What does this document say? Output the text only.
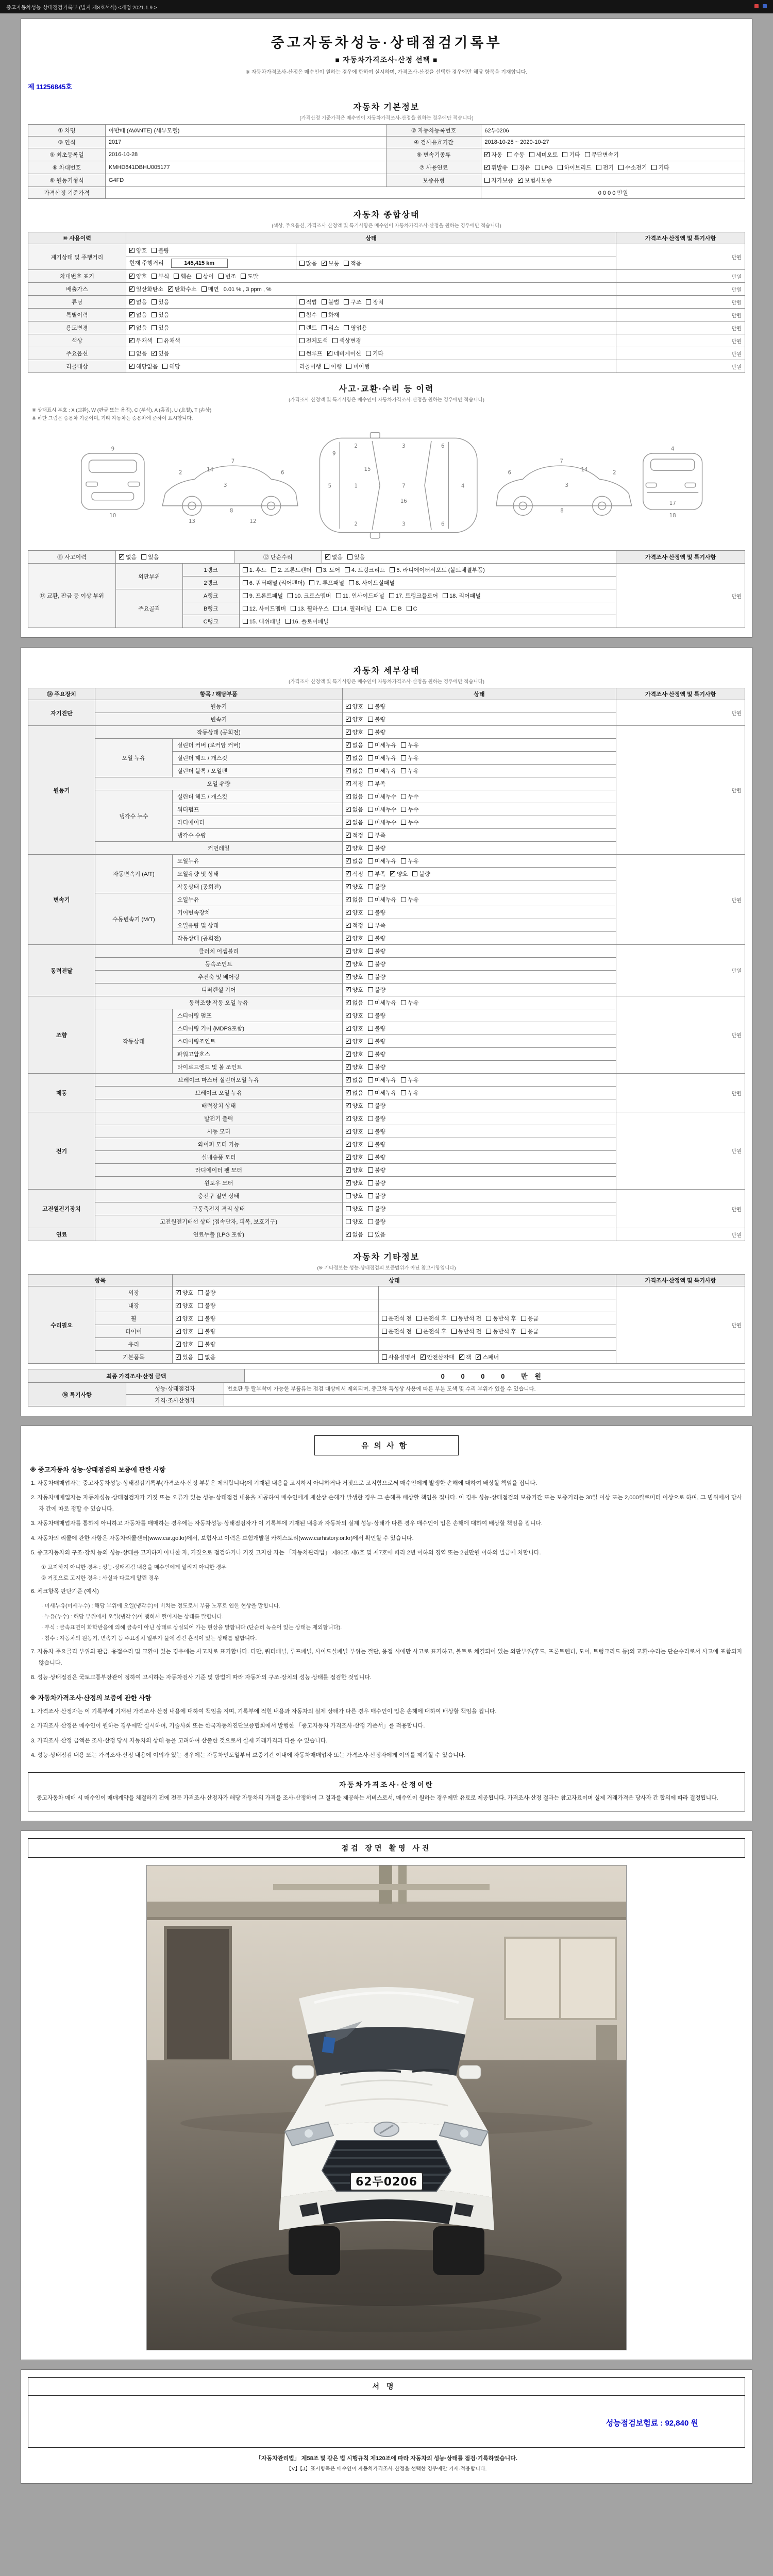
중고자동차성능·상태점검기록부 (별지 제8호서식) <개정 2021.1.9.>

중고자동차성능·상태점검기록부
■ 자동차가격조사·산정 선택 ■
※ 자동차가격조사·산정은 매수인이 원하는 경우에 한하여 실시하며, 가격조사·산정을 선택한 경우에만 해당 항목을 기재합니다.
제 11256845호
자동차 기본정보
(가격산정 기준가격은 매수인이 자동차가격조사·산정을 원하는 경우에만 적습니다)
① 차명	아반떼 (AVANTE) (세부모델)	② 자동차등록번호	62두0206
③ 연식	2017	④ 검사유효기간	2018-10-28 ~ 2020-10-27
⑤ 최초등록일	2016-10-28	⑨ 변속기종류	✓자동 수동 세미오토 기타 무단변속기
⑥ 차대번호	KMHD641DBHU005177	⑦ 사용연료	✓휘발유 경유 LPG 하이브리드 전기 수소전기 기타
⑧ 원동기형식	G4FD	보증유형	자가보증 ✓ 보험사보증
가격산정 기준가격			0 0 0 0 만원
자동차 종합상태
(색상, 주요옵션, 가격조사·산정액 및 특기사항은 매수인이 자동차가격조사·산정을 원하는 경우에만 적습니다)
⑩ 사용이력	상태		가격조사·산정액 및 특기사항
계기상태 및 주행거리	✓양호 불량		만원
	현재 주행거리 145,415 km	많음 ✓ 보통 적음
차대번호 표기	✓양호 부식 훼손 상이 변조 도말		만원
배출가스	✓일산화탄소 ✓ 탄화수소 매연 0.01 % , 3 ppm , %		만원
튜닝	✓없음 있음	적법 불법 구조 장치	만원
특별이력	✓없음 있음	침수 화재	만원
용도변경	✓없음 있음	렌트 리스 영업용	만원
색상	✓무채색 유채색	전체도색 색상변경	만원
주요옵션	없음 ✓ 있음	썬루프 ✓ 네비게이션 기타	만원
리콜대상	✓해당없음 해당	리콜이행 이행 미이행	만원
사고·교환·수리 등 이력
(가격조사·산정액 및 특기사항은 매수인이 자동차가격조사·산정을 원하는 경우에만 적습니다)
※ 상태표시 부호 : X (교환), W (판금 또는 용접), C (부식), A (흠집), U (요철), T (손상)
※ 하단 그림은 승용차 기준이며, 기타 자동차는 승용차에 준하여 표시합니다.
9
10
2
3
6
7
8
13	12
14
5	1	7	4
2
2
3
3
6
6
9
15
16
6
3
2
7
8
14
4
17
18
⑪ 사고이력	✓없음 있음	⑫ 단순수리	✓없음 있음	가격조사·산정액 및 특기사항
⑬ 교환, 판금 등 이상 부위	외판부위	1랭크	1. 후드 2. 프론트펜더 3. 도어 4. 트렁크리드 5. 라디에이터서포트 (볼트체결부품)	만원
		2랭크	6. 쿼터패널 (리어펜더) 7. 루프패널 8. 사이드실패널	
	주요골격	A랭크	9. 프론트패널 10. 크로스멤버 11. 인사이드패널 17. 트렁크플로어 18. 리어패널	
		B랭크	12. 사이드멤버 13. 휠하우스 14. 필러패널 A B C	
		C랭크	15. 대쉬패널 16. 플로어패널	
자동차 세부상태
(가격조사·산정액 및 특기사항은 매수인이 자동차가격조사·산정을 원하는 경우에만 적습니다)
⑭ 주요장치	항목 / 해당부품		상태	가격조사·산정액 및 특기사항
자기진단	원동기	✓양호 불량	만원
	변속기	✓양호 불량
원동기	작동상태 (공회전)	✓양호 불량	만원
	오일 누유	실린더 커버 (로커암 커버)	✓없음 미세누유 누유
		실린더 헤드 / 개스킷	✓없음 미세누유 누유
		실린더 블록 / 오일팬	✓없음 미세누유 누유
	오일 유량	✓적정 부족
	냉각수 누수	실린더 헤드 / 개스킷	✓없음 미세누수 누수
		워터펌프	✓없음 미세누수 누수
		라디에이터	✓없음 미세누수 누수
		냉각수 수량	✓적정 부족
	커먼레일	✓양호 불량
변속기	자동변속기 (A/T)	오일누유	✓없음 미세누유 누유	만원
		오일유량 및 상태	✓적정 부족 ✓ 양호 불량
		작동상태 (공회전)	✓양호 불량
	수동변속기 (M/T)	오일누유	✓없음 미세누유 누유
		기어변속장치	✓양호 불량
		오일유량 및 상태	✓적정 부족
		작동상태 (공회전)	✓양호 불량
동력전달	클러치 어셈블리	✓양호 불량	만원
	등속조인트	✓양호 불량
	추진축 및 베어링	✓양호 불량
	디퍼렌셜 기어	✓양호 불량
조향	동력조향 작동 오일 누유	✓없음 미세누유 누유	만원
	작동상태	스티어링 펌프	✓양호 불량
		스티어링 기어 (MDPS포함)	✓양호 불량
		스티어링조인트	✓양호 불량
		파워고압호스	✓양호 불량
		타이로드엔드 및 볼 조인트	✓양호 불량
제동	브레이크 마스터 실린더오일 누유	✓없음 미세누유 누유	만원
	브레이크 오일 누유	✓없음 미세누유 누유
	배력장치 상태	✓양호 불량
전기	발전기 출력	✓양호 불량	만원
	시동 모터	✓양호 불량
	와이퍼 모터 기능	✓양호 불량
	실내송풍 모터	✓양호 불량
	라디에이터 팬 모터	✓양호 불량
	윈도우 모터	✓양호 불량
고전원전기장치	충전구 절연 상태		양호 불량	만원
	구동축전지 격리 상태		양호 불량	
	고전원전기배선 상태 (접속단자, 피복, 보호기구)		양호 불량	
연료	연료누출 (LPG 포함)	✓없음 있음	만원
자동차 기타정보
(※ 기타정보는 성능·상태점검의 보증범위가 아닌 참고사항입니다)
항목		상태		가격조사·산정액 및 특기사항
수리필요	외장	✓양호 불량		만원
	내장	✓양호 불량	
	휠	✓양호 불량	운전석 전 운전석 후 동반석 전 동반석 후 응급	
	타이어	✓양호 불량	운전석 전 운전석 후 동반석 전 동반석 후 응급	
	유리	✓양호 불량	
	기본품목	✓있음 없음	사용설명서 ✓ 안전삼각대 ✓ 잭 ✓ 스패너
최종 가격조사·산정 금액	0 0 0 0 만원
⑯ 특기사항	성능·상태점검자	번호판 등 탈부착이 가능한 부품류는 점검 대상에서 제외되며, 중고차 특성상 사용에 따른 부분 도색 및 수리 부위가 있을 수 있습니다.
	가격·조사산정자	
유의사항
※ 중고자동차 성능·상태점검의 보증에 관한 사항
1. 자동차매매업자는 중고자동차성능·상태점검기록부(가격조사·산정 부분은 제외합니다)에 기재된 내용을 고지하지 아니하거나 거짓으로 고지함으로써 매수인에게 발생한 손해에 대하여 배상할 책임을 집니다.
2. 자동차매매업자는 자동차성능·상태점검자가 거짓 또는 오류가 있는 성능·상태점검 내용을 제공하여 매수인에게 재산상 손해가 발생한 경우 그 손해를 배상할 책임을 집니다. 이 경우 성능·상태점검의 보증기간 또는 보증거리는 30일 이상 또는 2,000킬로미터 이상으로 하며, 그 범위에서 당사자 간에 따로 정할 수 있습니다.
3. 자동차매매업자를 통하지 아니하고 자동차를 매매하는 경우에는 자동차성능·상태점검자가 이 기록부에 기재된 내용과 자동차의 실제 성능·상태가 다른 경우 매수인이 입은 손해에 대하여 배상할 책임을 집니다.
4. 자동차의 리콜에 관한 사항은 자동차리콜센터(www.car.go.kr)에서, 보험사고 이력은 보험개발원 카히스토리(www.carhistory.or.kr)에서 확인할 수 있습니다.
5. 중고자동차의 구조·장치 등의 성능·상태를 고지하지 아니한 자, 거짓으로 점검하거나 거짓 고지한 자는 「자동차관리법」 제80조 제6호 및 제7호에 따라 2년 이하의 징역 또는 2천만원 이하의 벌금에 처합니다.
① 고지하지 아니한 경우 : 성능·상태점검 내용을 매수인에게 알리지 아니한 경우
② 거짓으로 고지한 경우 : 사실과 다르게 알린 경우
6. 체크항목 판단기준 (예시)
· 미세누유(미세누수) : 해당 부위에 오일(냉각수)이 비치는 정도로서 부품 노후로 인한 현상을 말합니다.
· 누유(누수) : 해당 부위에서 오일(냉각수)이 맺혀서 떨어지는 상태를 말합니다.
· 부식 : 금속표면이 화학반응에 의해 금속이 아닌 상태로 상실되어 가는 현상을 말합니다 (단순히 녹슬어 있는 상태는 제외합니다).
· 침수 : 자동차의 원동기, 변속기 등 주요장치 일부가 물에 잠긴 흔적이 있는 상태를 말합니다.
7. 자동차 주요골격 부위의 판금, 용접수리 및 교환이 있는 경우에는 사고차로 표기합니다. 다만, 쿼터패널, 루프패널, 사이드실패널 부위는 절단, 용접 시에만 사고로 표기하고, 볼트로 체결되어 있는 외판부위(후드, 프론트펜더, 도어, 트렁크리드 등)의 교환·수리는 단순수리로서 사고에 포함되지 않습니다.
8. 성능·상태점검은 국토교통부장관이 정하여 고시하는 자동차검사 기준 및 방법에 따라 자동차의 구조·장치의 성능·상태를 점검한 것입니다.
※ 자동차가격조사·산정의 보증에 관한 사항
1. 가격조사·산정자는 이 기록부에 기재된 가격조사·산정 내용에 대하여 책임을 지며, 기록부에 적힌 내용과 자동차의 실제 상태가 다른 경우 매수인이 입은 손해에 대하여 배상할 책임을 집니다.
2. 가격조사·산정은 매수인이 원하는 경우에만 실시하며, 기술사회 또는 한국자동차진단보증협회에서 발행한 「중고자동차 가격조사·산정 기준서」를 적용합니다.
3. 가격조사·산정 금액은 조사·산정 당시 자동차의 상태 등을 고려하여 산출한 것으로서 실제 거래가격과 다를 수 있습니다.
4. 성능·상태점검 내용 또는 가격조사·산정 내용에 이의가 있는 경우에는 자동차인도일부터 보증기간 이내에 자동차매매업자 또는 가격조사·산정자에게 이의를 제기할 수 있습니다.
자동차가격조사·산정이란
중고자동차 매매 시 매수인이 매매계약을 체결하기 전에 전문 가격조사·산정자가 해당 자동차의 가격을 조사·산정하여 그 결과를 제공하는 서비스로서, 매수인이 원하는 경우에만 유료로 제공됩니다. 가격조사·산정 결과는 참고자료이며 실제 거래가격은 당사자 간 합의에 따라 결정됩니다.
점검 장면 촬영 사진
62두0206
서명
성능점검보험료 : 92,840 원
「자동차관리법」 제58조 및 같은 법 시행규칙 제120조에 따라 자동차의 성능·상태를 점검·기록하였습니다.
【V】【J】표시항목은 매수인이 자동차가격조사·산정을 선택한 경우에만 기재·적용합니다.
